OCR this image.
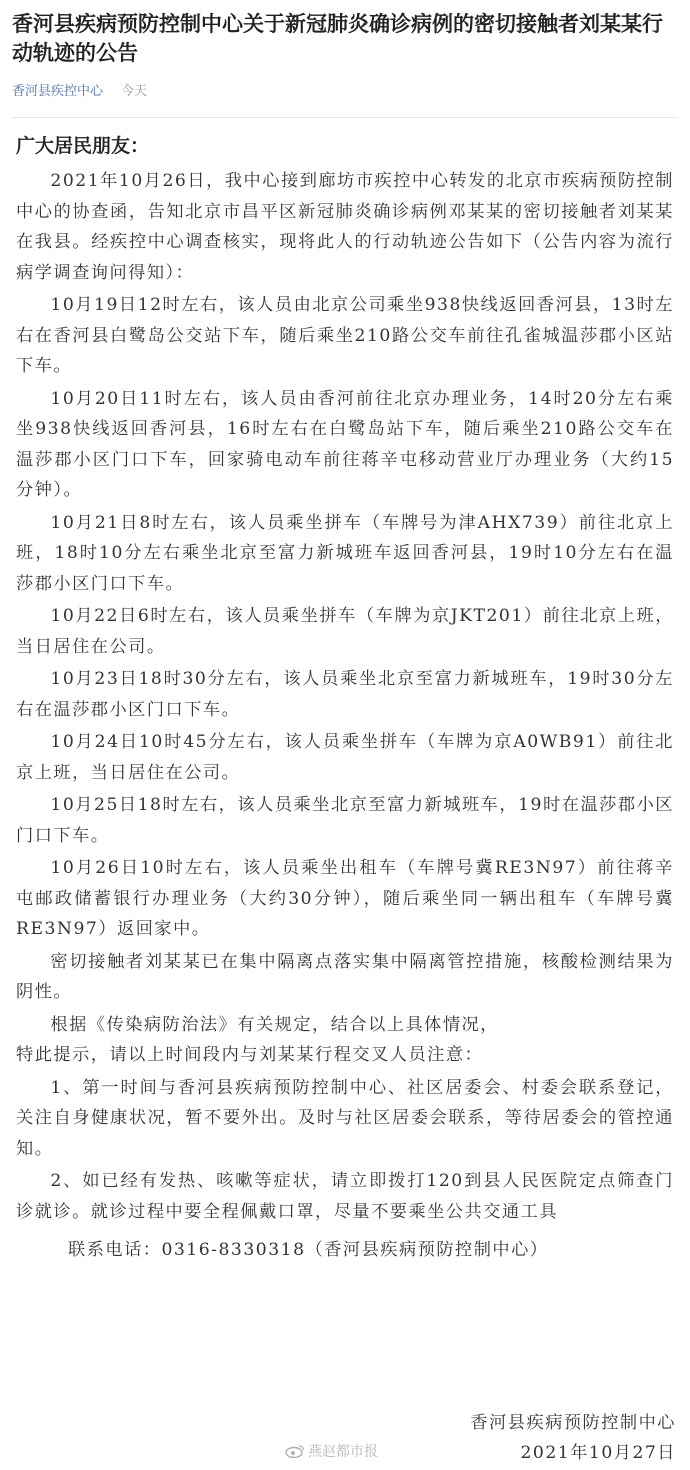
香河县疾病预防控制中心关于新冠肺炎确诊病例的密切接触者刘某某行动轨迹的公告
香河县疾控中心 今天
广大居民朋友：

2021年10月26日，我中心接到廊坊市疾控中心转发的北京市疾病预防控制中心的协查函，告知北京市昌平区新冠肺炎确诊病例邓某某的密切接触者刘某某在我县。经疾控中心调查核实，现将此人的行动轨迹公告如下（公告内容为流行病学调查询问得知）：

10月19日12时左右，该人员由北京公司乘坐938快线返回香河县，13时左右在香河县白鹭岛公交站下车，随后乘坐210路公交车前往孔雀城温莎郡小区站下车。

10月20日11时左右，该人员由香河前往北京办理业务，14时20分左右乘坐938快线返回香河县，16时左右在白鹭岛站下车，随后乘坐210路公交车在温莎郡小区门口下车，回家骑电动车前往蒋辛屯移动营业厅办理业务（大约15分钟）。

10月21日8时左右，该人员乘坐拼车（车牌号为津AHX739）前往北京上班，18时10分左右乘坐北京至富力新城班车返回香河县，19时10分左右在温莎郡小区门口下车。

10月22日6时左右，该人员乘坐拼车（车牌为京JKT201）前往北京上班，当日居住在公司。

10月23日18时30分左右，该人员乘坐北京至富力新城班车，19时30分左右在温莎郡小区门口下车。

10月24日10时45分左右，该人员乘坐拼车（车牌为京A0WB91）前往北京上班，当日居住在公司。

10月25日18时左右，该人员乘坐北京至富力新城班车，19时在温莎郡小区门口下车。

10月26日10时左右，该人员乘坐出租车（车牌号冀RE3N97）前往蒋辛屯邮政储蓄银行办理业务（大约30分钟），随后乘坐同一辆出租车（车牌号冀RE3N97）返回家中。

密切接触者刘某某已在集中隔离点落实集中隔离管控措施，核酸检测结果为阴性。

根据《传染病防治法》有关规定，结合以上具体情况，

特此提示，请以上时间段内与刘某某行程交叉人员注意：

1、第一时间与香河县疾病预防控制中心、社区居委会、村委会联系登记，关注自身健康状况，暂不要外出。及时与社区居委会联系，等待居委会的管控通知。

2、如已经有发热、咳嗽等症状，请立即拨打120到县人民医院定点筛查门诊就诊。就诊过程中要全程佩戴口罩，尽量不要乘坐公共交通工具

联系电话：0316-8330318（香河县疾病预防控制中心）
香河县疾病预防控制中心
2021年10月27日
燕赵都市报
